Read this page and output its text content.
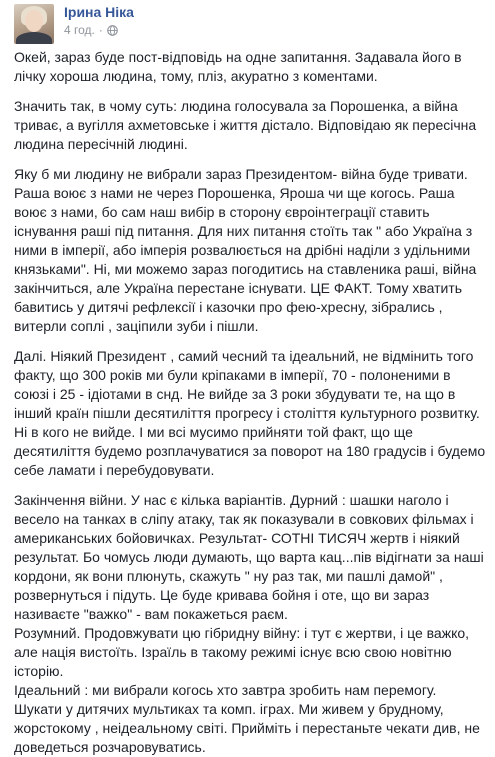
Ірина Ніка
4 год. ·

Окей, зараз буде пост-відповідь на одне запитання. Задавала його в лічку хороша людина, тому, пліз, акуратно з коментами.

Значить так, в чому суть: людина голосувала за Порошенка, а війна триває, а вугілля ахметовське і життя дістало. Відповідаю як пересічна людина пересічній людині.

Яку б ми людину не вибрали зараз Президентом- війна буде тривати. Раша воює з нами не через Порошенка, Яроша чи ще когось. Раша воює з нами, бо сам наш вибір в сторону євроінтеграції ставить існування раші під питання. Для них питання стоїть так " або Україна з ними в імперії, або імперія розвалюється на дрібні наділи з удільними князьками". Ні, ми можемо зараз погодитись на ставленика раші, війна закінчиться, але Україна перестане існувати. ЦЕ ФАКТ. Тому хватить бавитись у дитячі рефлексії і казочки про фею-хресну, зібрались , витерли соплі , заціпили зуби і пішли.

Далі. Ніякий Президент , самий чесний та ідеальний, не відмінить того факту, що 300 років ми були кріпаками в імперії, 70 - полоненими в союзі і 25 - ідіотами в снд. Не вийде за 3 роки збудувати те, на що в інший країн пішли десятиліття прогресу і століття культурного розвитку. Ні в кого не вийде. І ми всі мусимо прийняти той факт, що ще десятиліття будемо розплачуватися за поворот на 180 градусів і будемо себе ламати і перебудовувати.

Закінчення війни. У нас є кілька варіантів. Дурний : шашки наголо і весело на танках в сліпу атаку, так як показували в совкових фільмах і американських бойовичках. Результат- СОТНІ ТИСЯЧ жертв і ніякий результат. Бо чомусь люди думають, що варта кац...пів відігнати за наші кордони, як вони плюнуть, скажуть " ну раз так, ми пашлі дамой" , розвернуться і підуть. Це буде кривава бойня і оте, що ви зараз називаєте "важко" - вам покажеться раєм.

Розумний. Продовжувати цю гібридну війну: і тут є жертви, і це важко, але нація вистоїть. Ізраїль в такому режимі існує всю свою новітню історію.

Ідеальний : ми вибрали когось хто завтра зробить нам перемогу. Шукати у дитячих мультиках та комп. іграх. Ми живем у брудному, жорстокому , неідеальному світі. Прийміть і перестаньте чекати див, не доведеться розчаровуватись.
